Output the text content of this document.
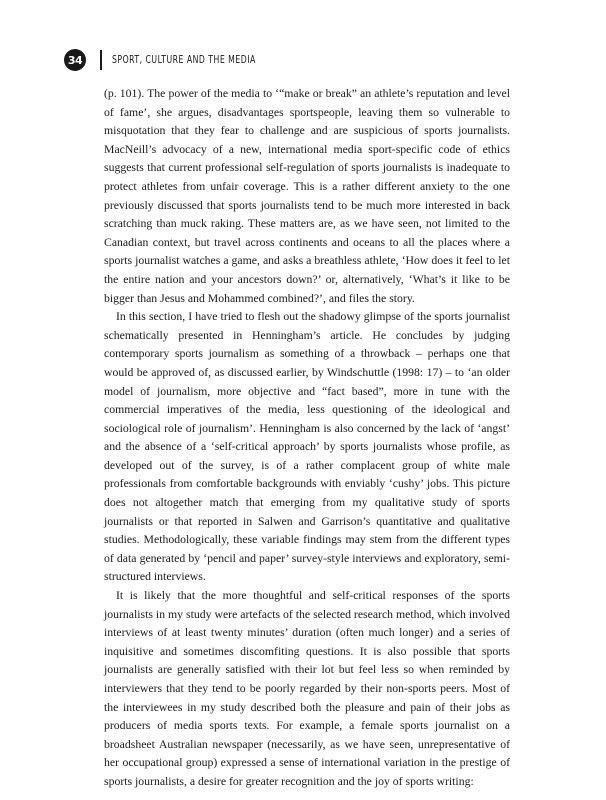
34	SPORT, CULTURE AND THE MEDIA

(p. 101). The power of the media to ‘“make or break” an athlete’s reputation and level of fame’, she argues, disadvantages sportspeople, leaving them so vulnerable to misquotation that they fear to challenge and are suspicious of sports journalists. MacNeill’s advocacy of a new, international media sport-specific code of ethics suggests that current professional self-regulation of sports journalists is inadequate to protect athletes from unfair coverage. This is a rather different anxiety to the one previously discussed that sports journalists tend to be much more interested in back scratching than muck raking. These matters are, as we have seen, not limited to the Canadian context, but travel across continents and oceans to all the places where a sports journalist watches a game, and asks a breathless athlete, ‘How does it feel to let the entire nation and your ancestors down?’ or, alternatively, ‘What’s it like to be bigger than Jesus and Mohammed combined?’, and files the story.

In this section, I have tried to flesh out the shadowy glimpse of the sports journalist schematically presented in Henningham’s article. He concludes by judging contemporary sports journalism as something of a throwback – perhaps one that would be approved of, as discussed earlier, by Windschuttle (1998: 17) – to ‘an older model of journalism, more objective and “fact based”, more in tune with the commercial imperatives of the media, less questioning of the ideological and sociological role of journalism’. Henningham is also concerned by the lack of ‘angst’ and the absence of a ‘self-critical approach’ by sports journalists whose profile, as developed out of the survey, is of a rather complacent group of white male professionals from comfortable backgrounds with enviably ‘cushy’ jobs. This picture does not altogether match that emerging from my qualitative study of sports journalists or that reported in Salwen and Garrison’s quantitative and qualitative studies. Methodologically, these variable findings may stem from the different types of data generated by ‘pencil and paper’ survey-style interviews and exploratory, semi-structured interviews.

It is likely that the more thoughtful and self-critical responses of the sports journalists in my study were artefacts of the selected research method, which involved interviews of at least twenty minutes’ duration (often much longer) and a series of inquisitive and sometimes discomfiting questions. It is also possible that sports journalists are generally satisfied with their lot but feel less so when reminded by interviewers that they tend to be poorly regarded by their non-sports peers. Most of the interviewees in my study described both the pleasure and pain of their jobs as producers of media sports texts. For example, a female sports journalist on a broadsheet Australian newspaper (necessarily, as we have seen, unrepresentative of her occupational group) expressed a sense of international variation in the prestige of sports journalists, a desire for greater recognition and the joy of sports writing:
